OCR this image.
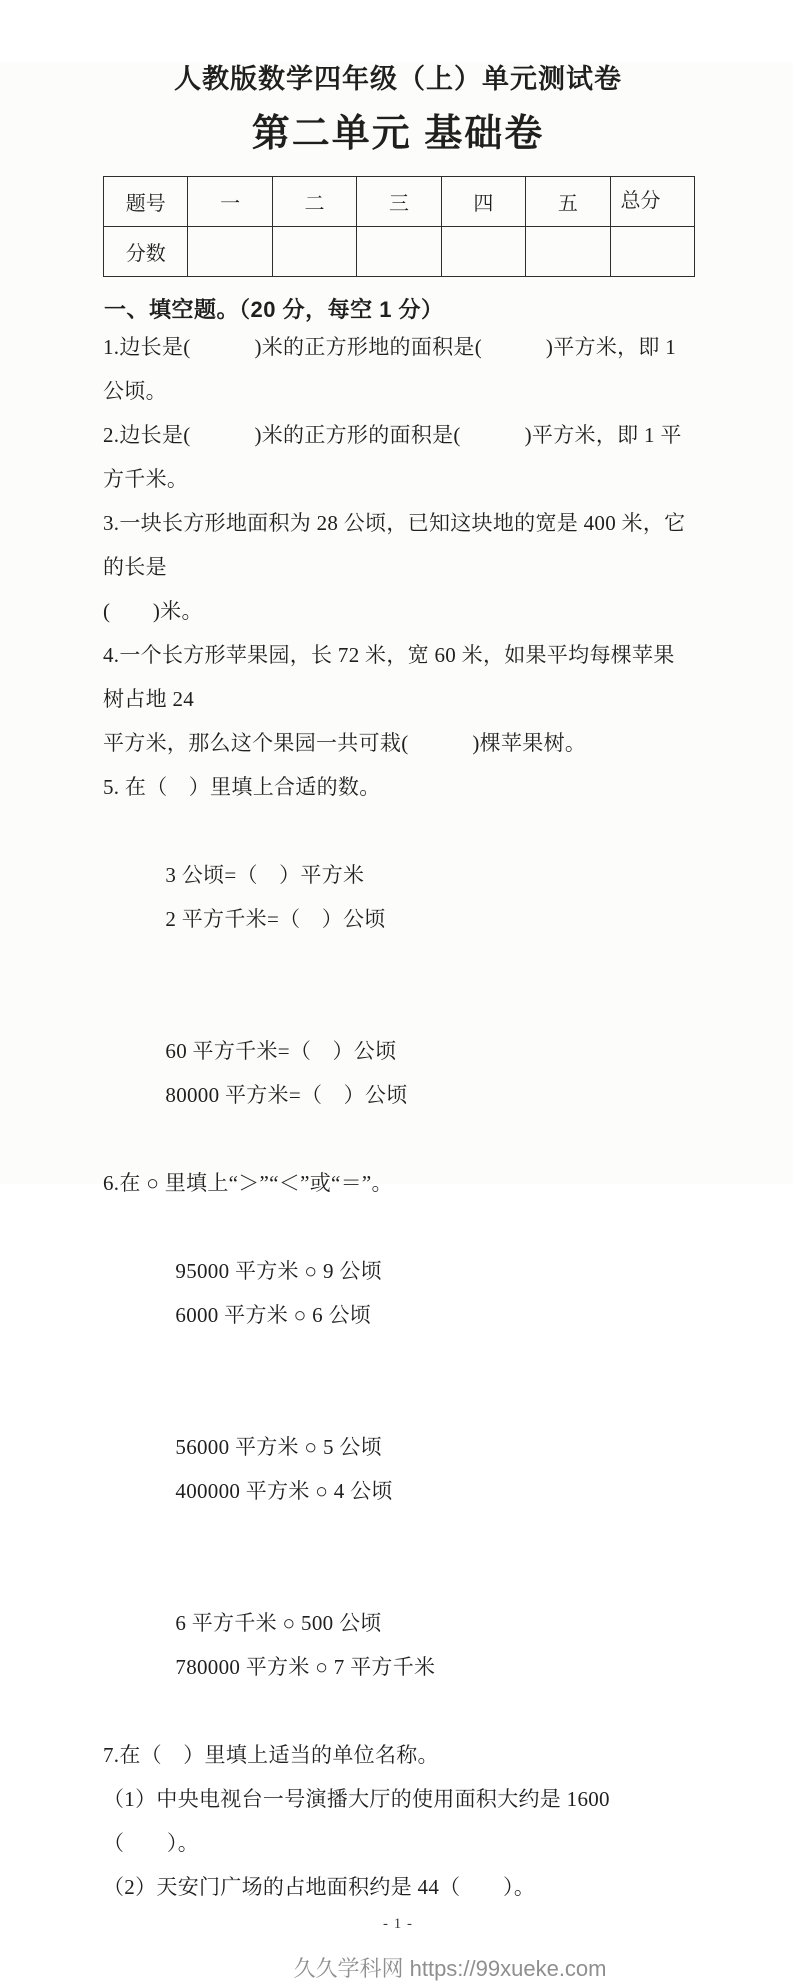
人教版数学四年级（上）单元测试卷
第二单元 基础卷
题号	一	二	三	四	五	总分
分数						
一、填空题。（20 分，每空 1 分）
1.边长是(　　　)米的正方形地的面积是(　　　)平方米，即 1 公顷。
2.边长是(　　　)米的正方形的面积是(　　　)平方米，即 1 平方千米。
3.一块长方形地面积为 28 公顷，已知这块地的宽是 400 米，它的长是
(　　)米。
4.一个长方形苹果园，长 72 米，宽 60 米，如果平均每棵苹果树占地 24
平方米，那么这个果园一共可栽(　　　)棵苹果树。
5. 在（　）里填上合适的数。

3 公顷=（　）平方米
2 平方千米=（　）公顷

60 平方千米=（　）公顷
80000 平方米=（　）公顷

6.在 ○ 里填上“＞”“＜”或“＝”。

95000 平方米 ○ 9 公顷
6000 平方米 ○ 6 公顷

56000 平方米 ○ 5 公顷
400000 平方米 ○ 4 公顷

6 平方千米 ○ 500 公顷
780000 平方米 ○ 7 平方千米

7.在（　）里填上适当的单位名称。
（1）中央电视台一号演播大厅的使用面积大约是 1600（　　）。
（2）天安门广场的占地面积约是 44（　　）。
- 1 -
久久学科网 https://99xueke.com
